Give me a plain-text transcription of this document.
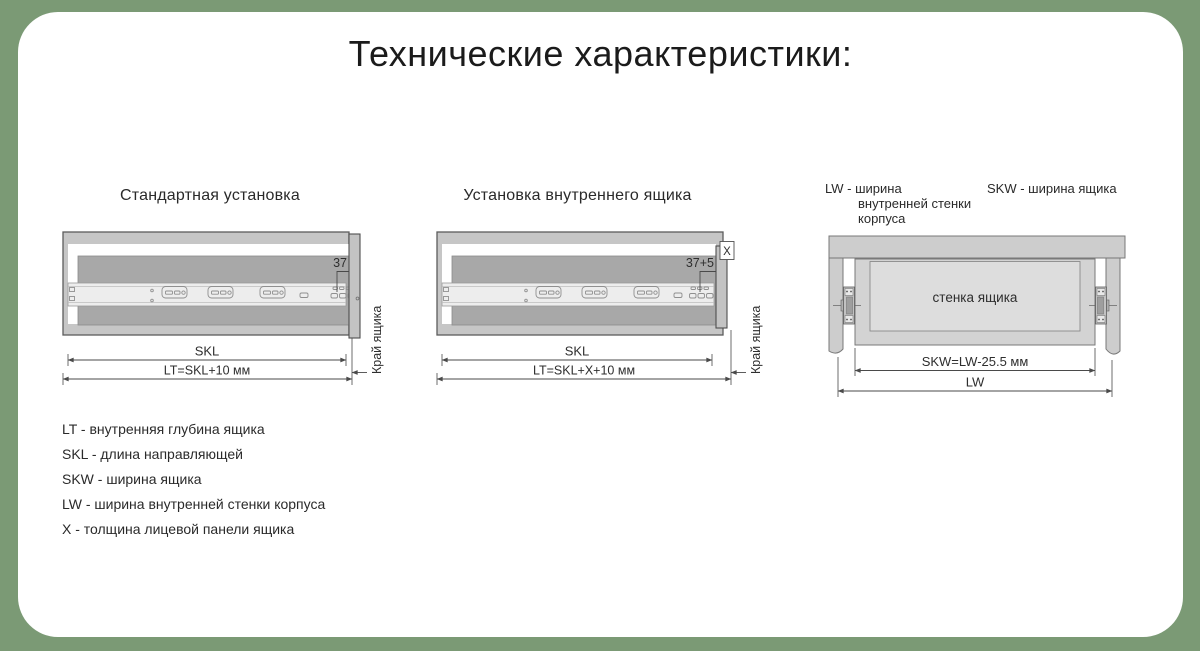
Технические характеристики:
Стандартная установка	Установка внутреннего ящика	LW - ширина
внутренней стенки
корпуса
SKW - ширина ящика
37
SKL
LT=SKL+10 мм	Край ящика
X
37+5
SKL
LT=SKL+X+10 мм	Край ящика
стенка ящика
SKW=LW-25.5 мм
LW
LT - внутренняя глубина ящика
SKL - длина направляющей
SKW - ширина ящика
LW - ширина внутренней стенки корпуса
X - толщина лицевой панели ящика
